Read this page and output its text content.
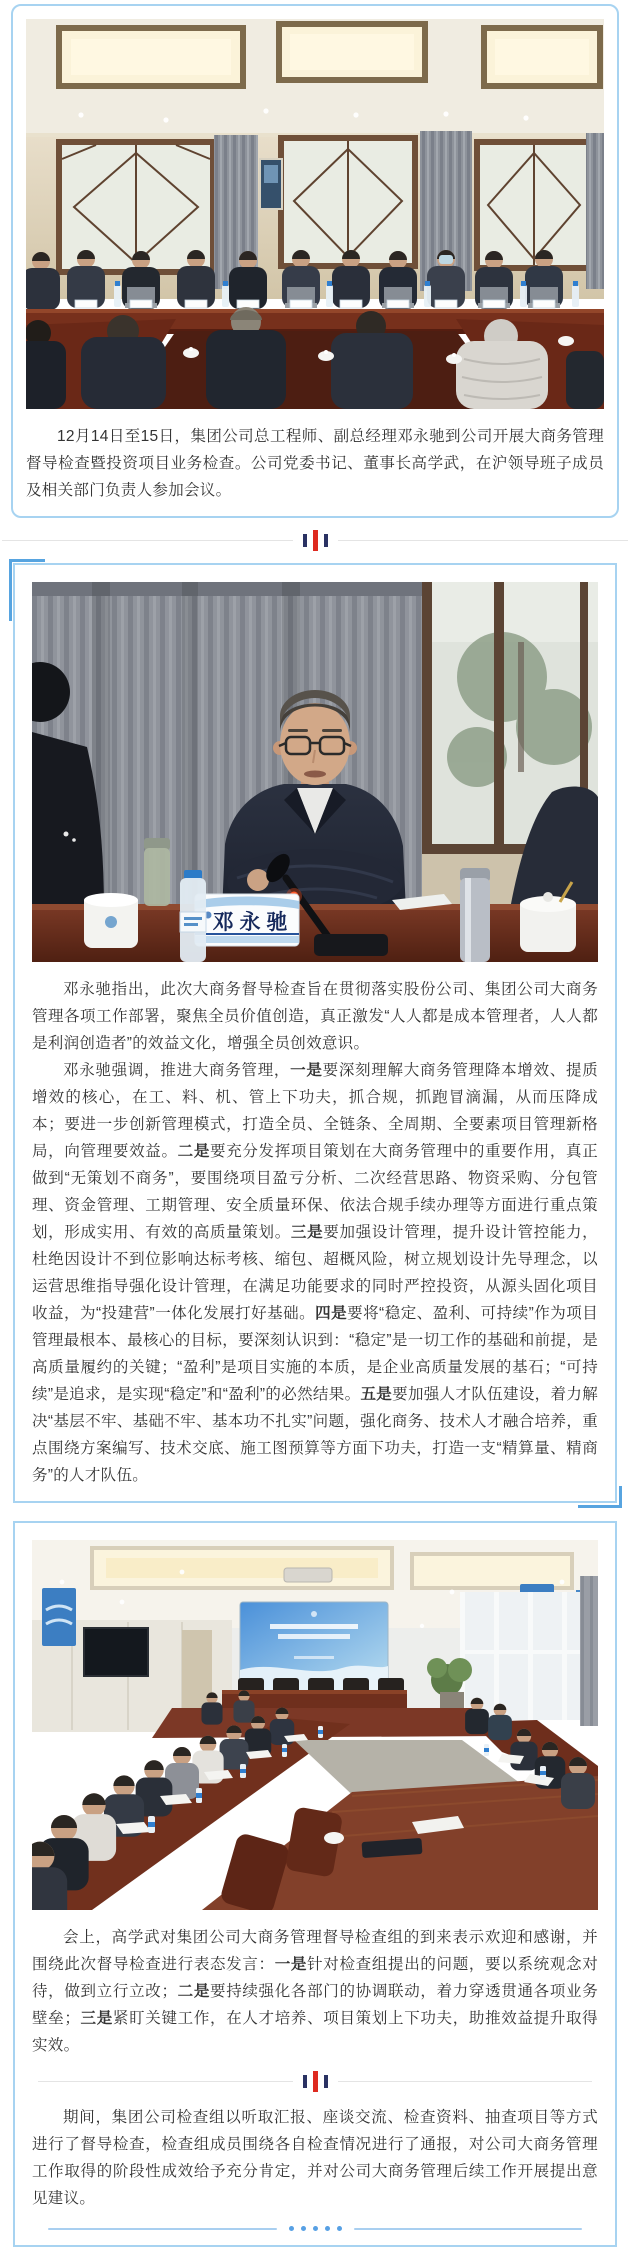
12月14日至15日，集团公司总工程师、副总经理邓永驰到公司开展大商务管理督导检查暨投资项目业务检查。公司党委书记、董事长高学武，在沪领导班子成员及相关部门负责人参加会议。

邓 永 驰

邓永驰指出，此次大商务督导检查旨在贯彻落实股份公司、集团公司大商务管理各项工作部署，聚焦全员价值创造，真正激发“人人都是成本管理者，人人都是利润创造者”的效益文化，增强全员创效意识。

邓永驰强调，推进大商务管理，一是要深刻理解大商务管理降本增效、提质增效的核心，在工、料、机、管上下功夫，抓合规，抓跑冒滴漏，从而压降成本；要进一步创新管理模式，打造全员、全链条、全周期、全要素项目管理新格局，向管理要效益。二是要充分发挥项目策划在大商务管理中的重要作用，真正做到“无策划不商务”，要围绕项目盈亏分析、二次经营思路、物资采购、分包管理、资金管理、工期管理、安全质量环保、依法合规手续办理等方面进行重点策划，形成实用、有效的高质量策划。三是要加强设计管理，提升设计管控能力，杜绝因设计不到位影响达标考核、缩包、超概风险，树立规划设计先导理念，以运营思维指导强化设计管理，在满足功能要求的同时严控投资，从源头固化项目收益，为“投建营”一体化发展打好基础。四是要将“稳定、盈利、可持续”作为项目管理最根本、最核心的目标，要深刻认识到：“稳定”是一切工作的基础和前提，是高质量履约的关键；“盈利”是项目实施的本质，是企业高质量发展的基石；“可持续”是追求，是实现“稳定”和“盈利”的必然结果。五是要加强人才队伍建设，着力解决“基层不牢、基础不牢、基本功不扎实”问题，强化商务、技术人才融合培养，重点围绕方案编写、技术交底、施工图预算等方面下功夫，打造一支“精算量、精商务”的人才队伍。

会上，高学武对集团公司大商务管理督导检查组的到来表示欢迎和感谢，并围绕此次督导检查进行表态发言：一是针对检查组提出的问题，要以系统观念对待，做到立行立改；二是要持续强化各部门的协调联动，着力穿透贯通各项业务壁垒；三是紧盯关键工作，在人才培养、项目策划上下功夫，助推效益提升取得实效。

期间，集团公司检查组以听取汇报、座谈交流、检查资料、抽查项目等方式进行了督导检查，检查组成员围绕各自检查情况进行了通报，对公司大商务管理工作取得的阶段性成效给予充分肯定，并对公司大商务管理后续工作开展提出意见建议。
